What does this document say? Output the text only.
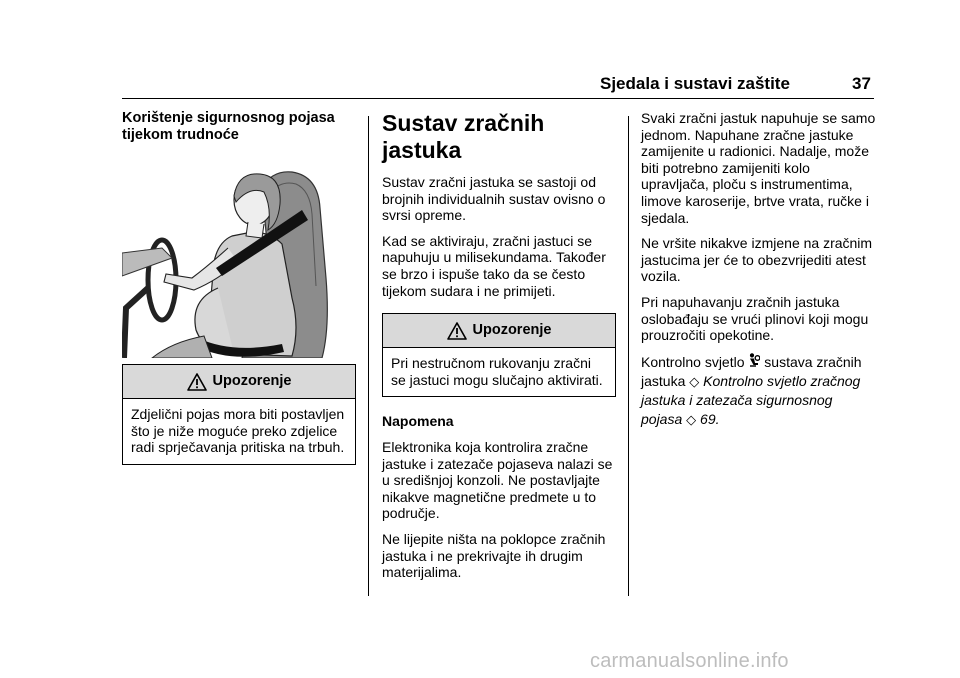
Sjedala i sustavi zaštite	37
Korištenje sigurnosnog pojasa tijekom trudnoće
Upozorenje
Zdjelični pojas mora biti postavljen što je niže moguće preko zdjelice radi sprječavanja pritiska na trbuh.
Sustav zračnih jastuka

Sustav zračni jastuka se sastoji od brojnih individualnih sustav ovisno o svrsi opreme.

Kad se aktiviraju, zračni jastuci se napuhuju u milisekundama. Također se brzo i ispuše tako da se često tijekom sudara i ne primijeti.

Upozorenje
Pri nestručnom rukovanju zračni se jastuci mogu slučajno aktivirati.

Napomena

Elektronika koja kontrolira zračne jastuke i zatezače pojaseva nalazi se u središnjoj konzoli. Ne postavljajte nikakve magnetične predmete u to područje.

Ne lijepite ništa na poklopce zračnih jastuka i ne prekrivajte ih drugim materijalima.

Svaki zračni jastuk napuhuje se samo jednom. Napuhane zračne jastuke zamijenite u radionici. Nadalje, može biti potrebno zamijeniti kolo upravljača, ploču s instrumentima, limove karoserije, brtve vrata, ručke i sjedala.

Ne vršite nikakve izmjene na zračnim jastucima jer će to obezvrijediti atest vozila.

Pri napuhavanju zračnih jastuka oslobađaju se vrući plinovi koji mogu prouzročiti opekotine.

Kontrolno svjetlo sustava zračnih jastuka ◇ Kontrolno svjetlo zračnog jastuka i zatezača sigurnosnog pojasa ◇ 69.

carmanualsonline.info
